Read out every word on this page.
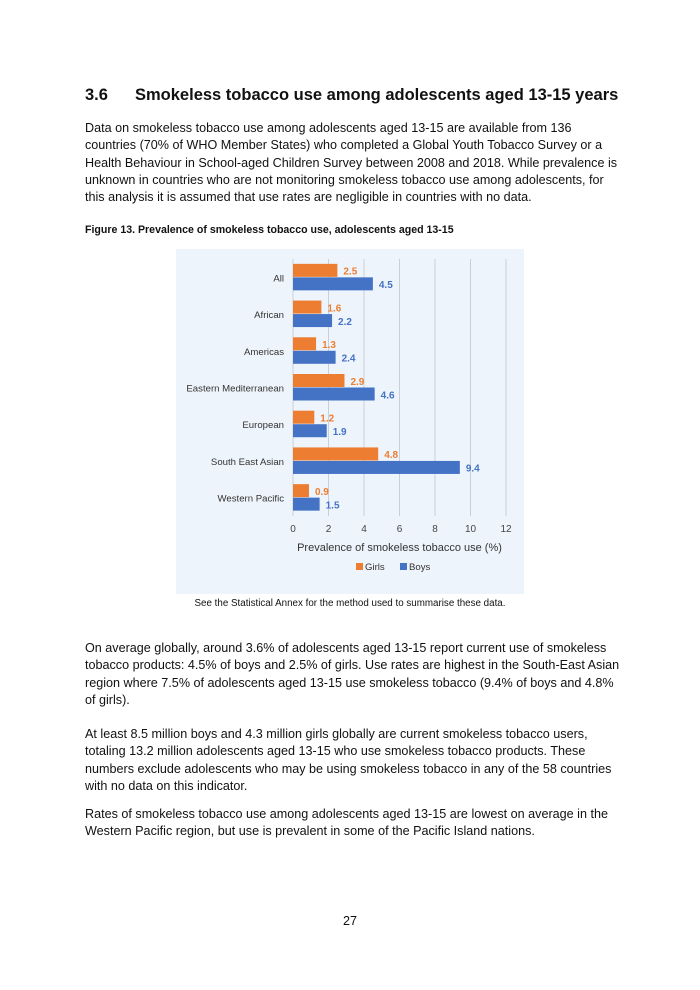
3.6 Smokeless tobacco use among adolescents aged 13-15 years

Data on smokeless tobacco use among adolescents aged 13-15 are available from 136 countries (70% of WHO Member States) who completed a Global Youth Tobacco Survey or a Health Behaviour in School-aged Children Survey between 2008 and 2018. While prevalence is unknown in countries who are not monitoring smokeless tobacco use among adolescents, for this analysis it is assumed that use rates are negligible in countries with no data.

Figure 13. Prevalence of smokeless tobacco use, adolescents aged 13-15

0	2	4	6	8	10 12
All
2.5
4.5
African
1.6
2.2
Americas
1.3
2.4
Eastern Mediterranean
2.9
4.6
European
1.2
1.9
South East Asian
4.8
9.4
Western Pacific
0.9
1.5
Prevalence of smokeless tobacco use (%)
Girls	Boys

See the Statistical Annex for the method used to summarise these data.

On average globally, around 3.6% of adolescents aged 13-15 report current use of smokeless tobacco products: 4.5% of boys and 2.5% of girls. Use rates are highest in the South-East Asian region where 7.5% of adolescents aged 13-15 use smokeless tobacco (9.4% of boys and 4.8% of girls).

At least 8.5 million boys and 4.3 million girls globally are current smokeless tobacco users, totaling 13.2 million adolescents aged 13-15 who use smokeless tobacco products. These numbers exclude adolescents who may be using smokeless tobacco in any of the 58 countries with no data on this indicator.

Rates of smokeless tobacco use among adolescents aged 13-15 are lowest on average in the Western Pacific region, but use is prevalent in some of the Pacific Island nations.

27
